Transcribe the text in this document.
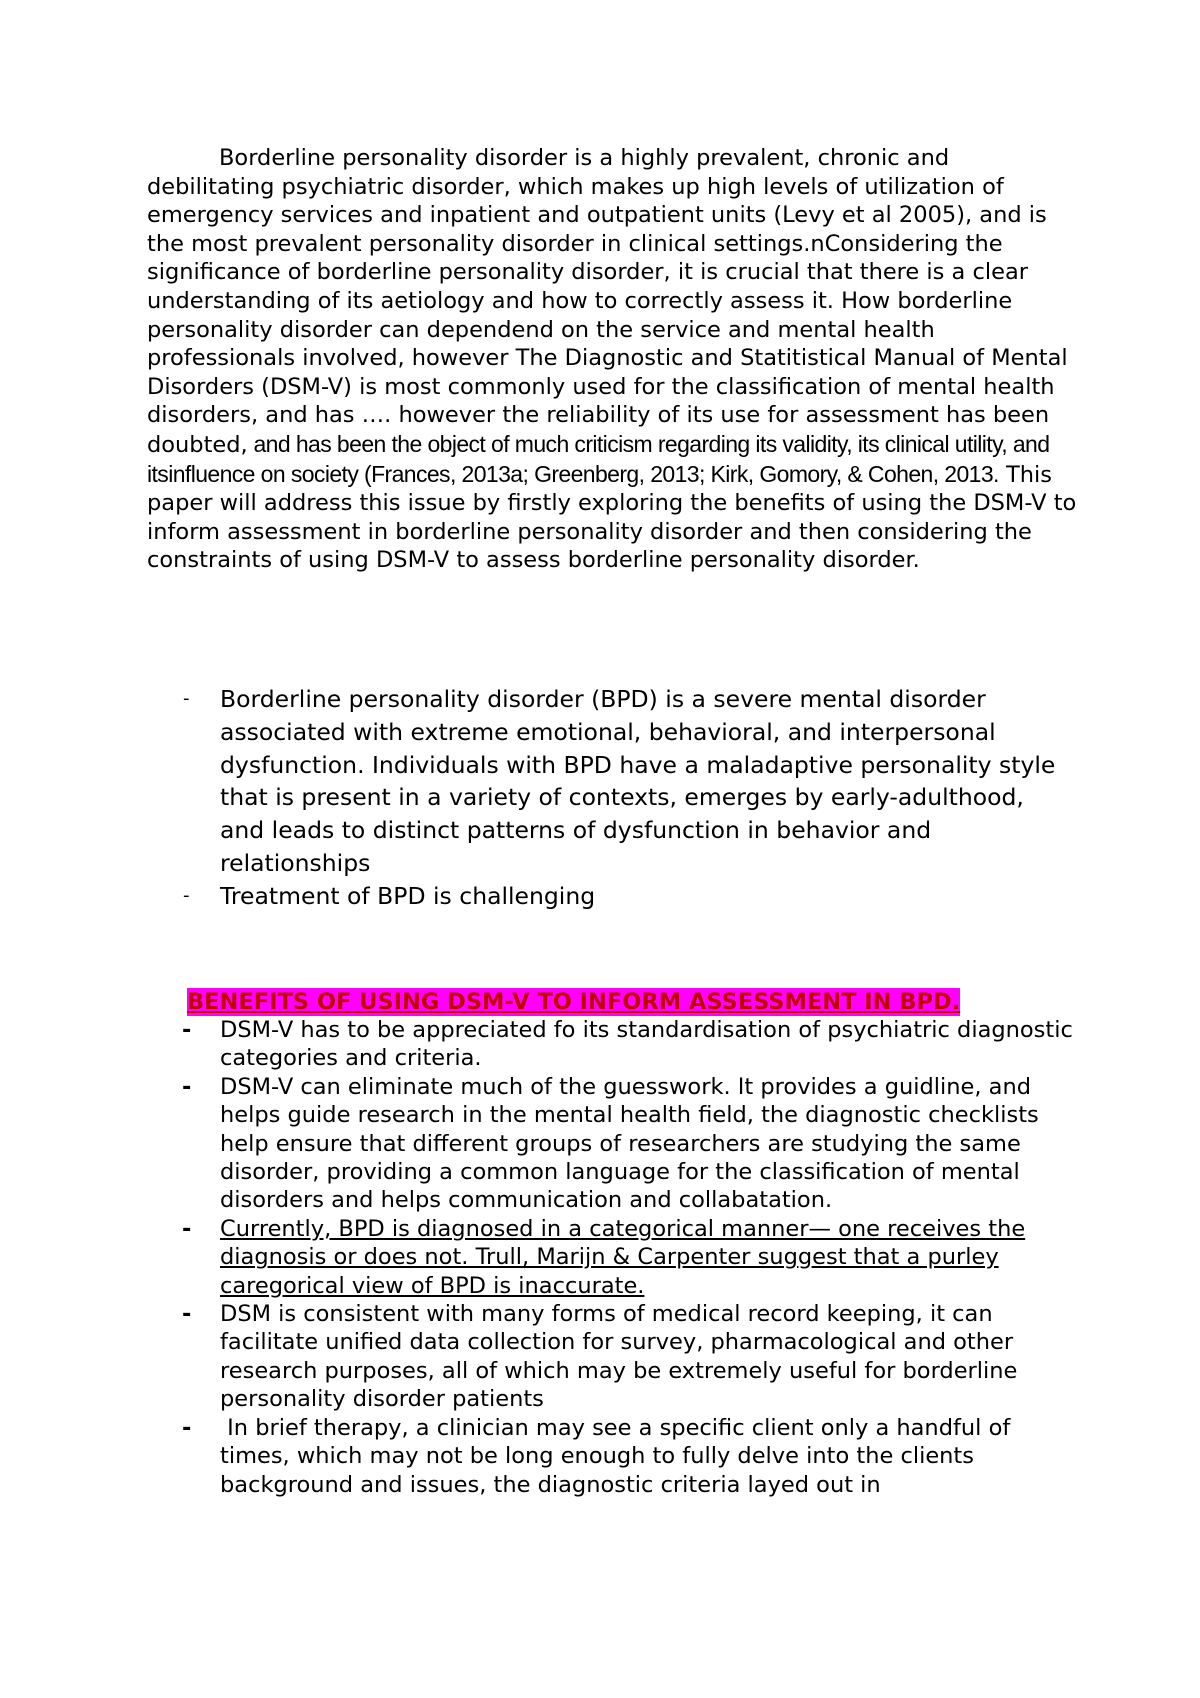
Borderline personality disorder is a highly prevalent, chronic and debilitating psychiatric disorder, which makes up high levels of utilization of emergency services and inpatient and outpatient units (Levy et al 2005), and is the most prevalent personality disorder in clinical settings.nConsidering the significance of borderline personality disorder, it is crucial that there is a clear understanding of its aetiology and how to correctly assess it. How borderline personality disorder can dependend on the service and mental health professionals involved, however The Diagnostic and Statitistical Manual of Mental Disorders (DSM-V) is most commonly used for the classification of mental health disorders, and has …. however the reliability of its use for assessment has been doubted, and has been the object of much criticism regarding its validity, its clinical utility, and itsinfluence on society (Frances, 2013a; Greenberg, 2013; Kirk, Gomory, & Cohen, 2013. This paper will address this issue by firstly exploring the benefits of using the DSM-V to inform assessment in borderline personality disorder and then considering the constraints of using DSM-V to assess borderline personality disorder.

- Borderline personality disorder (BPD) is a severe mental disorder associated with extreme emotional, behavioral, and interpersonal dysfunction. Individuals with BPD have a maladaptive personality style that is present in a variety of contexts, emerges by early-adulthood, and leads to distinct patterns of dysfunction in behavior and relationships
- Treatment of BPD is challenging
BENEFITS OF USING DSM-V TO INFORM ASSESSMENT IN BPD.
- DSM-V has to be appreciated fo its standardisation of psychiatric diagnostic categories and criteria.
- DSM-V can eliminate much of the guesswork. It provides a guidline, and helps guide research in the mental health field, the diagnostic checklists help ensure that different groups of researchers are studying the same disorder, providing a common language for the classification of mental disorders and helps communication and collabatation.
- Currently, BPD is diagnosed in a categorical manner— one receives the diagnosis or does not. Trull, Marijn & Carpenter suggest that a purley caregorical view of BPD is inaccurate.
- DSM is consistent with many forms of medical record keeping, it can facilitate unified data collection for survey, pharmacological and other research purposes, all of which may be extremely useful for borderline personality disorder patients
- In brief therapy, a clinician may see a specific client only a handful of times, which may not be long enough to fully delve into the clients background and issues, the diagnostic criteria layed out in
